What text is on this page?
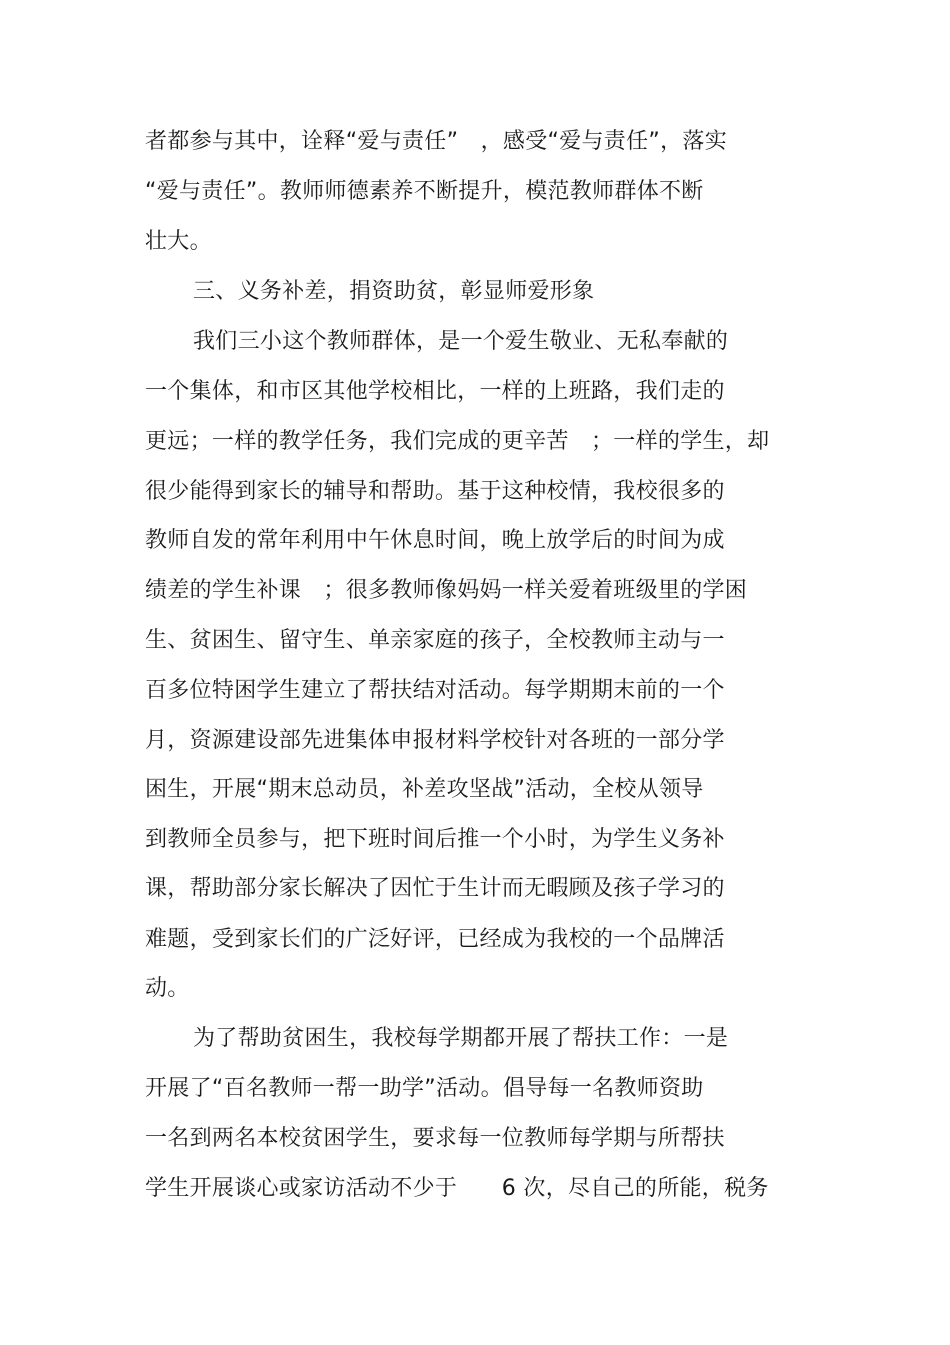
者都参与其中，诠释“爱与责任”　，感受“爱与责任”，落实
“爱与责任”。教师师德素养不断提升，模范教师群体不断
壮大。
三、义务补差，捐资助贫，彰显师爱形象
我们三小这个教师群体，是一个爱生敬业、无私奉献的
一个集体，和市区其他学校相比，一样的上班路，我们走的
更远；一样的教学任务，我们完成的更辛苦　；一样的学生，却
很少能得到家长的辅导和帮助。基于这种校情，我校很多的
教师自发的常年利用中午休息时间，晚上放学后的时间为成
绩差的学生补课　；很多教师像妈妈一样关爱着班级里的学困
生、贫困生、留守生、单亲家庭的孩子，全校教师主动与一
百多位特困学生建立了帮扶结对活动。每学期期末前的一个
月，资源建设部先进集体申报材料学校针对各班的一部分学
困生，开展“期末总动员，补差攻坚战”活动，全校从领导
到教师全员参与，把下班时间后推一个小时，为学生义务补
课，帮助部分家长解决了因忙于生计而无暇顾及孩子学习的
难题，受到家长们的广泛好评，已经成为我校的一个品牌活
动。
为了帮助贫困生，我校每学期都开展了帮扶工作：一是
开展了“百名教师一帮一助学”活动。倡导每一名教师资助
一名到两名本校贫困学生，要求每一位教师每学期与所帮扶
学生开展谈心或家访活动不少于　　6 次，尽自己的所能，税务
